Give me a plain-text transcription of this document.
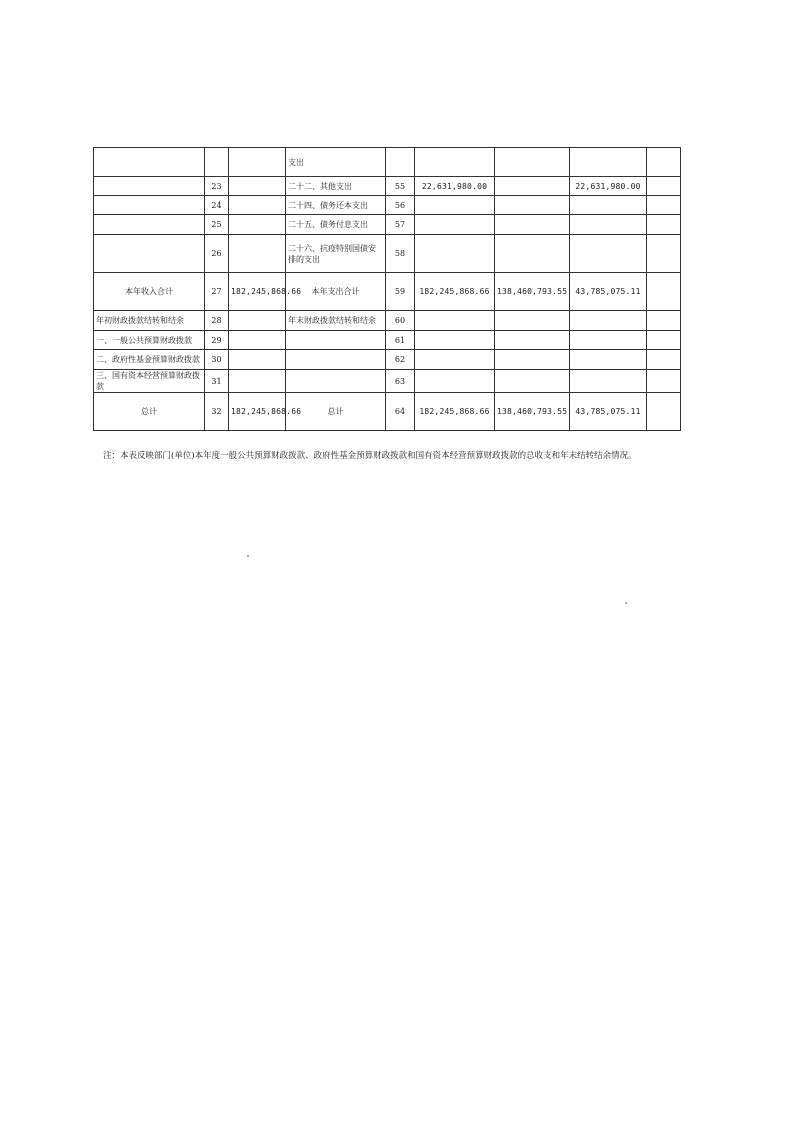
			支出					
	23		二十二、其他支出	55	22,631,980.00		22,631,980.00	
	24		二十四、债务还本支出	56				
	25		二十五、债务付息支出	57				
	26		二十六、抗疫特别国债安排的支出	58				
本年收入合计	27	182,245,868.66	本年支出合计	59	182,245,868.66	138,460,793.55	43,785,075.11	
年初财政拨款结转和结余	28		年末财政拨款结转和结余	60				
一、一般公共预算财政拨款	29			61				
二、政府性基金预算财政拨款	30			62				
三、国有资本经营预算财政拨款	31			63				
总计	32	182,245,868.66	总计	64	182,245,868.66	138,460,793.55	43,785,075.11	
注：本表反映部门(单位)本年度一般公共预算财政拨款、政府性基金预算财政拨款和国有资本经营预算财政拨款的总收支和年末结转结余情况。
